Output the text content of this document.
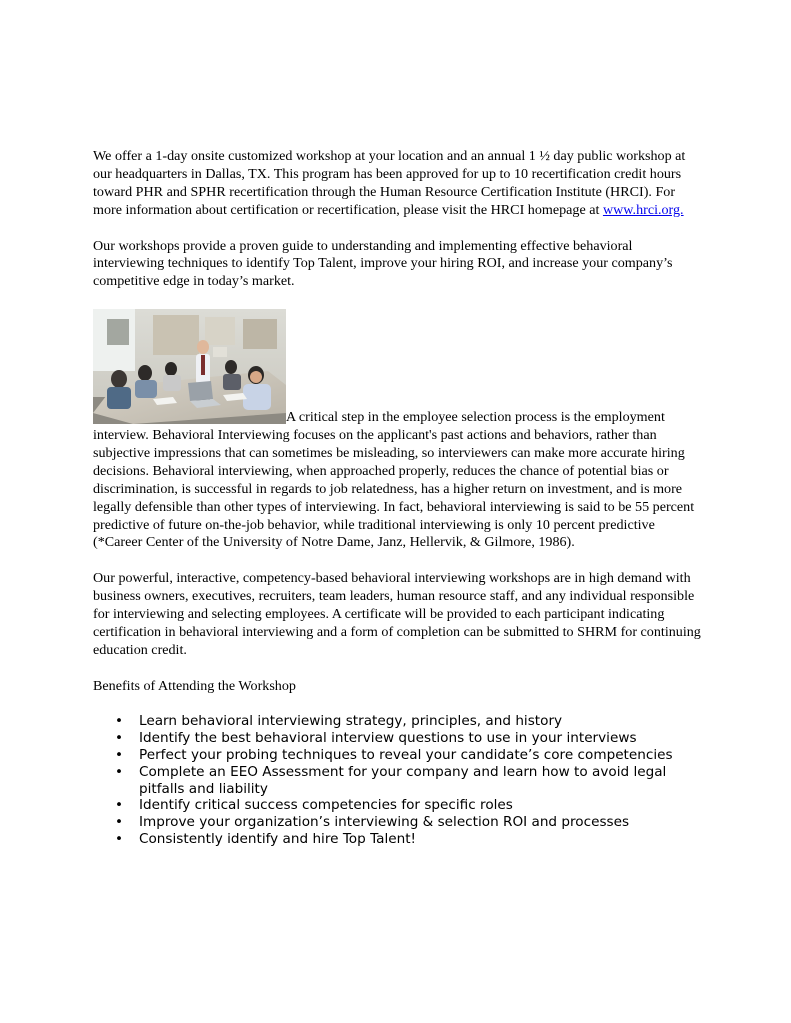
We offer a 1-day onsite customized workshop at your location and an annual 1 ½ day public workshop at our headquarters in Dallas, TX. This program has been approved for up to 10 recertification credit hours toward PHR and SPHR recertification through the Human Resource Certification Institute (HRCI). For more information about certification or recertification, please visit the HRCI homepage at www.hrci.org.

Our workshops provide a proven guide to understanding and implementing effective behavioral interviewing techniques to identify Top Talent, improve your hiring ROI, and increase your company’s competitive edge in today’s market.

A critical step in the employee selection process is the employment interview. Behavioral Interviewing focuses on the applicant's past actions and behaviors, rather than subjective impressions that can sometimes be misleading, so interviewers can make more accurate hiring decisions. Behavioral interviewing, when approached properly, reduces the chance of potential bias or discrimination, is successful in regards to job relatedness, has a higher return on investment, and is more legally defensible than other types of interviewing. In fact, behavioral interviewing is said to be 55 percent predictive of future on-the-job behavior, while traditional interviewing is only 10 percent predictive (*Career Center of the University of Notre Dame, Janz, Hellervik, & Gilmore, 1986).

Our powerful, interactive, competency-based behavioral interviewing workshops are in high demand with business owners, executives, recruiters, team leaders, human resource staff, and any individual responsible for interviewing and selecting employees. A certificate will be provided to each participant indicating certification in behavioral interviewing and a form of completion can be submitted to SHRM for continuing education credit.

Benefits of Attending the Workshop

• Learn behavioral interviewing strategy, principles, and history
• Identify the best behavioral interview questions to use in your interviews
• Perfect your probing techniques to reveal your candidate’s core competencies
• Complete an EEO Assessment for your company and learn how to avoid legal pitfalls and liability
• Identify critical success competencies for specific roles
• Improve your organization’s interviewing & selection ROI and processes
• Consistently identify and hire Top Talent!
